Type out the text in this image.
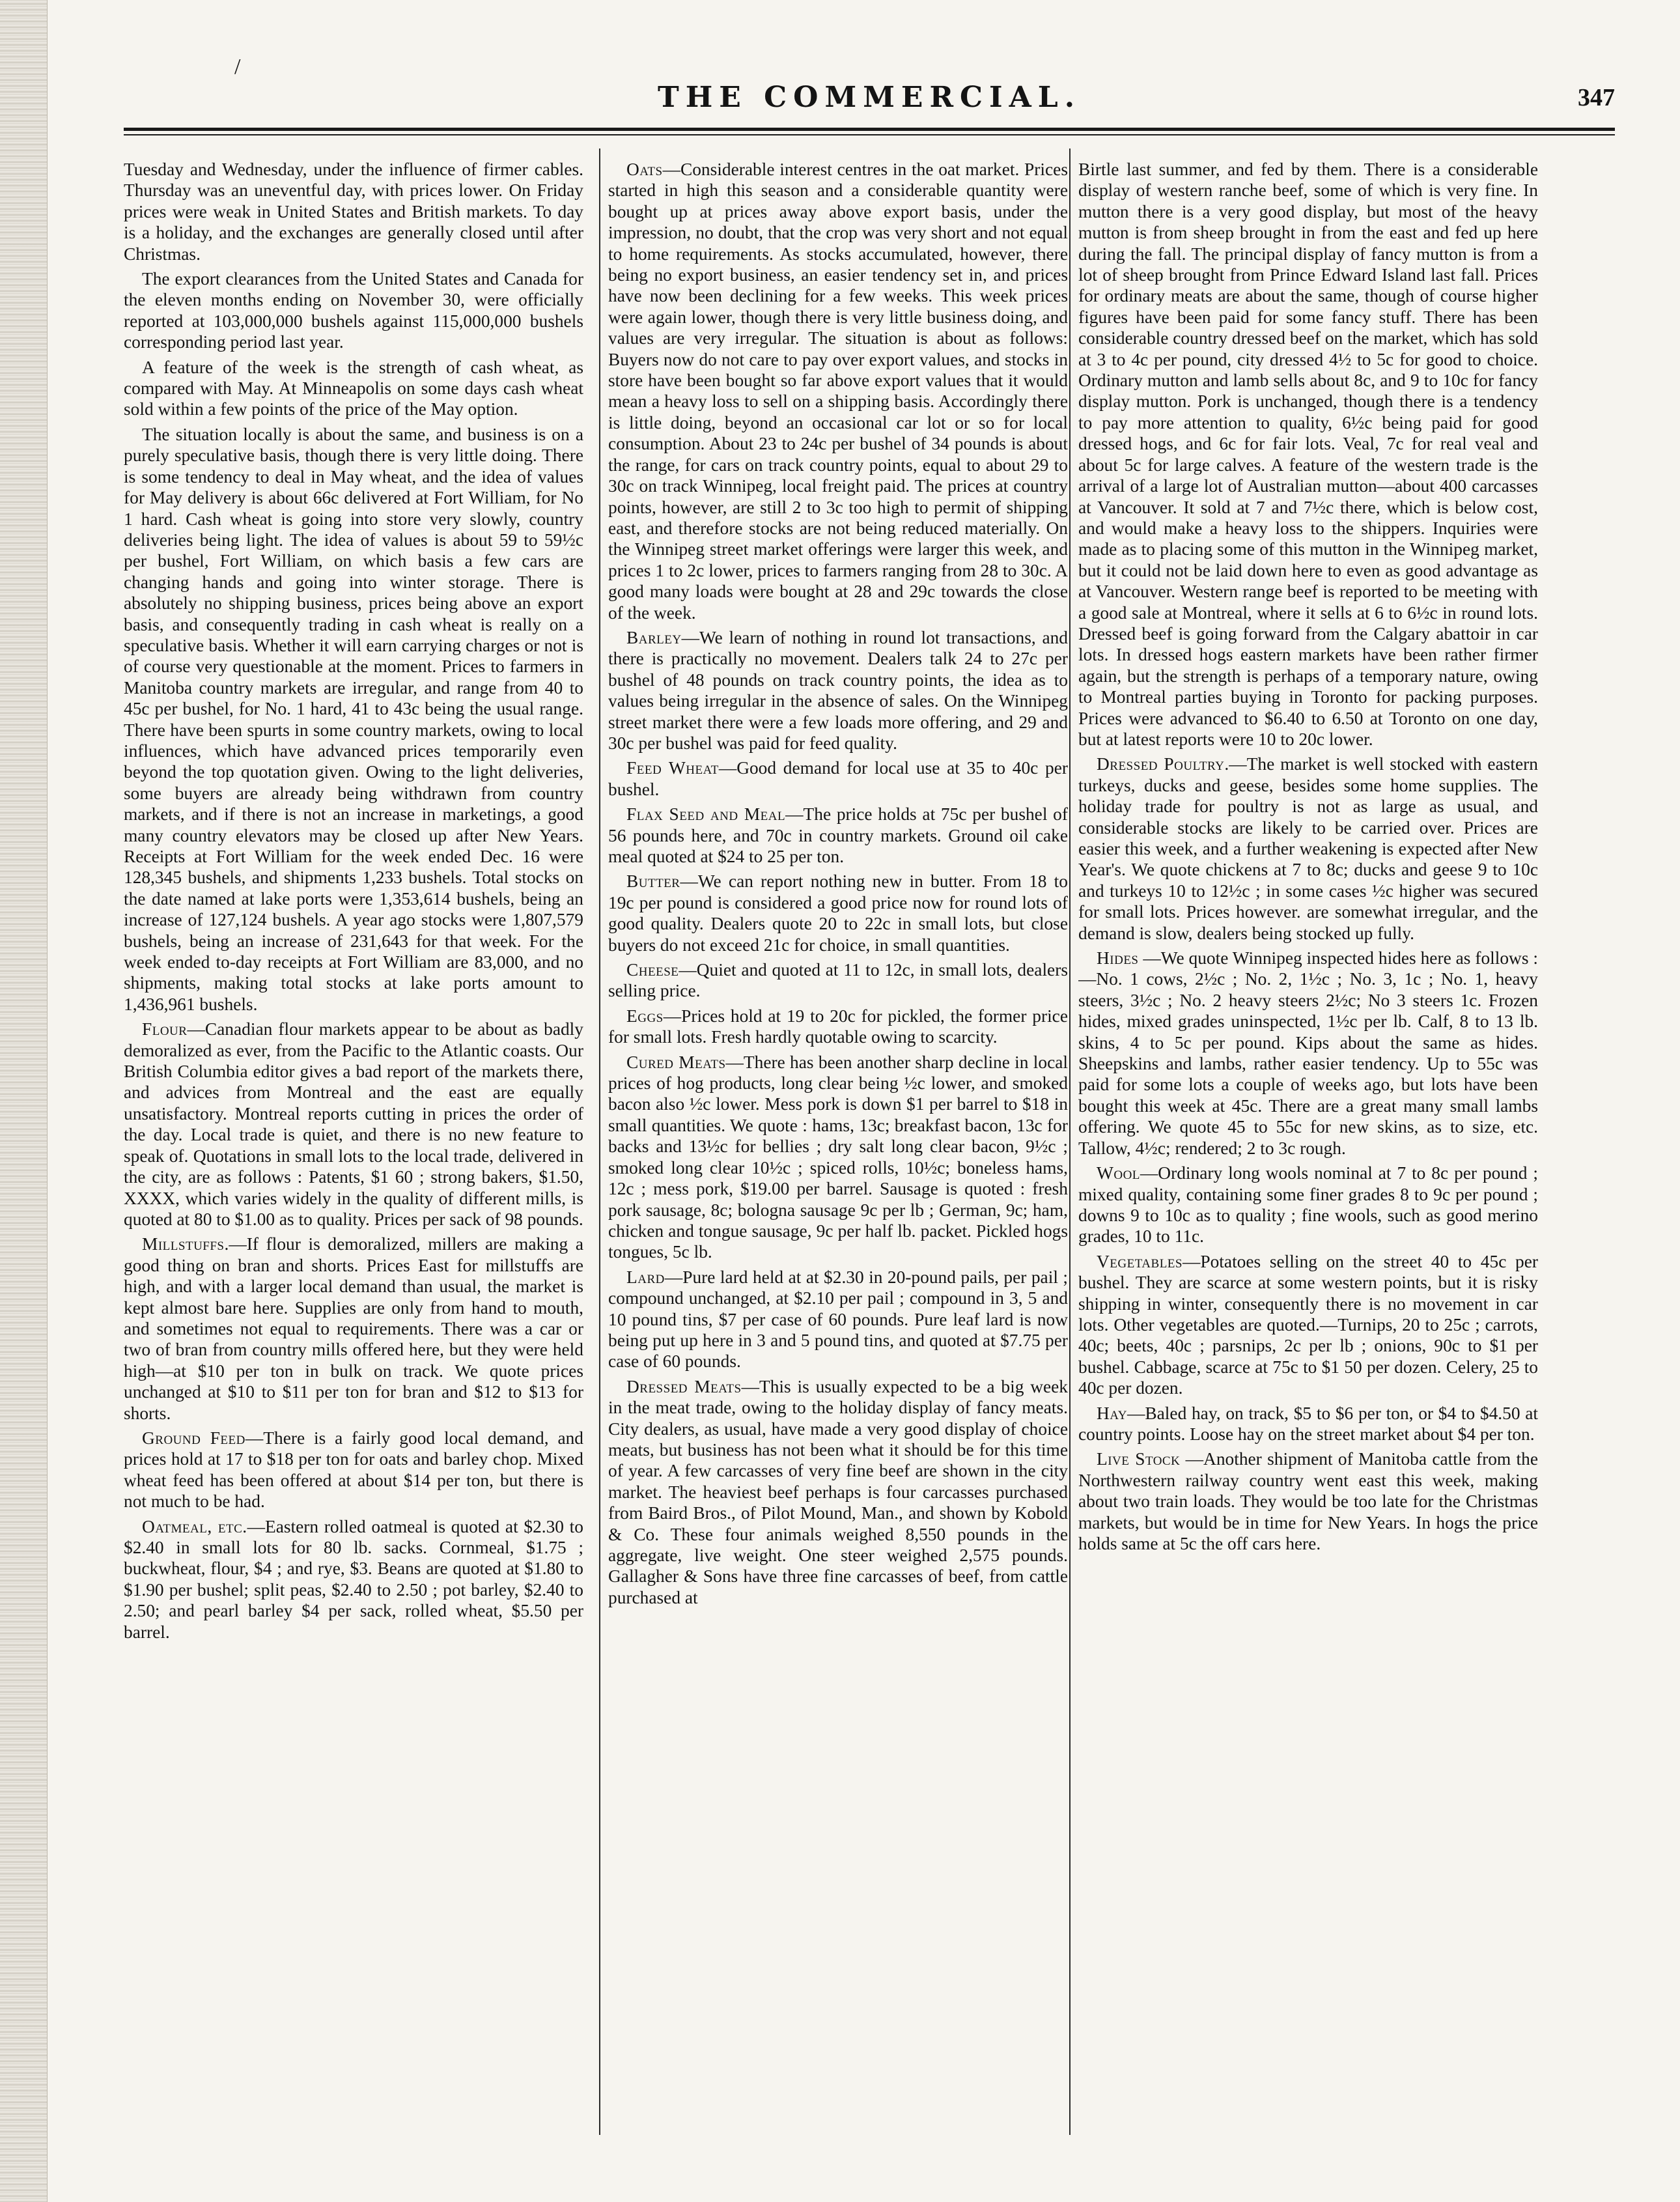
/
THE COMMERCIAL.	347

Tuesday and Wednesday, under the influence of firmer cables. Thursday was an uneventful day, with prices lower. On Friday prices were weak in United States and British markets. To day is a holiday, and the exchanges are generally closed until after Christmas.

The export clearances from the United States and Canada for the eleven months ending on November 30, were officially reported at 103,000,000 bushels against 115,000,000 bushels corresponding period last year.

A feature of the week is the strength of cash wheat, as compared with May. At Minneapolis on some days cash wheat sold within a few points of the price of the May option.

The situation locally is about the same, and business is on a purely speculative basis, though there is very little doing. There is some tendency to deal in May wheat, and the idea of values for May delivery is about 66c delivered at Fort William, for No 1 hard. Cash wheat is going into store very slowly, country deliveries being light. The idea of values is about 59 to 59½c per bushel, Fort William, on which basis a few cars are changing hands and going into winter storage. There is absolutely no shipping business, prices being above an export basis, and consequently trading in cash wheat is really on a speculative basis. Whether it will earn carrying charges or not is of course very questionable at the moment. Prices to farmers in Manitoba country markets are irregular, and range from 40 to 45c per bushel, for No. 1 hard, 41 to 43c being the usual range. There have been spurts in some country markets, owing to local influences, which have advanced prices temporarily even beyond the top quotation given. Owing to the light deliveries, some buyers are already being withdrawn from country markets, and if there is not an increase in marketings, a good many country elevators may be closed up after New Years. Receipts at Fort William for the week ended Dec. 16 were 128,345 bushels, and shipments 1,233 bushels. Total stocks on the date named at lake ports were 1,353,614 bushels, being an increase of 127,124 bushels. A year ago stocks were 1,807,579 bushels, being an increase of 231,643 for that week. For the week ended to-day receipts at Fort William are 83,000, and no shipments, making total stocks at lake ports amount to 1,436,961 bushels.

Flour—Canadian flour markets appear to be about as badly demoralized as ever, from the Pacific to the Atlantic coasts. Our British Columbia editor gives a bad report of the markets there, and advices from Montreal and the east are equally unsatisfactory. Montreal reports cutting in prices the order of the day. Local trade is quiet, and there is no new feature to speak of. Quotations in small lots to the local trade, delivered in the city, are as follows : Patents, $1 60 ; strong bakers, $1.50, XXXX, which varies widely in the quality of different mills, is quoted at 80 to $1.00 as to quality. Prices per sack of 98 pounds.

Millstuffs.—If flour is demoralized, millers are making a good thing on bran and shorts. Prices East for millstuffs are high, and with a larger local demand than usual, the market is kept almost bare here. Supplies are only from hand to mouth, and sometimes not equal to requirements. There was a car or two of bran from country mills offered here, but they were held high—at $10 per ton in bulk on track. We quote prices unchanged at $10 to $11 per ton for bran and $12 to $13 for shorts.

Ground Feed—There is a fairly good local demand, and prices hold at 17 to $18 per ton for oats and barley chop. Mixed wheat feed has been offered at about $14 per ton, but there is not much to be had.

Oatmeal, etc.—Eastern rolled oatmeal is quoted at $2.30 to $2.40 in small lots for 80 lb. sacks. Cornmeal, $1.75 ; buckwheat, flour, $4 ; and rye, $3. Beans are quoted at $1.80 to $1.90 per bushel; split peas, $2.40 to 2.50 ; pot barley, $2.40 to 2.50; and pearl barley $4 per sack, rolled wheat, $5.50 per barrel.

Oats—Considerable interest centres in the oat market. Prices started in high this season and a considerable quantity were bought up at prices away above export basis, under the impression, no doubt, that the crop was very short and not equal to home requirements. As stocks accumulated, however, there being no export business, an easier tendency set in, and prices have now been declining for a few weeks. This week prices were again lower, though there is very little business doing, and values are very irregular. The situation is about as follows: Buyers now do not care to pay over export values, and stocks in store have been bought so far above export values that it would mean a heavy loss to sell on a shipping basis. Accordingly there is little doing, beyond an occasional car lot or so for local consumption. About 23 to 24c per bushel of 34 pounds is about the range, for cars on track country points, equal to about 29 to 30c on track Winnipeg, local freight paid. The prices at country points, however, are still 2 to 3c too high to permit of shipping east, and therefore stocks are not being reduced materially. On the Winnipeg street market offerings were larger this week, and prices 1 to 2c lower, prices to farmers ranging from 28 to 30c. A good many loads were bought at 28 and 29c towards the close of the week.

Barley—We learn of nothing in round lot transactions, and there is practically no movement. Dealers talk 24 to 27c per bushel of 48 pounds on track country points, the idea as to values being irregular in the absence of sales. On the Winnipeg street market there were a few loads more offering, and 29 and 30c per bushel was paid for feed quality.

Feed Wheat—Good demand for local use at 35 to 40c per bushel.

Flax Seed and Meal—The price holds at 75c per bushel of 56 pounds here, and 70c in country markets. Ground oil cake meal quoted at $24 to 25 per ton.

Butter—We can report nothing new in butter. From 18 to 19c per pound is considered a good price now for round lots of good quality. Dealers quote 20 to 22c in small lots, but close buyers do not exceed 21c for choice, in small quantities.

Cheese—Quiet and quoted at 11 to 12c, in small lots, dealers selling price.

Eggs—Prices hold at 19 to 20c for pickled, the former price for small lots. Fresh hardly quotable owing to scarcity.

Cured Meats—There has been another sharp decline in local prices of hog products, long clear being ½c lower, and smoked bacon also ½c lower. Mess pork is down $1 per barrel to $18 in small quantities. We quote : hams, 13c; breakfast bacon, 13c for backs and 13½c for bellies ; dry salt long clear bacon, 9½c ; smoked long clear 10½c ; spiced rolls, 10½c; boneless hams, 12c ; mess pork, $19.00 per barrel. Sausage is quoted : fresh pork sausage, 8c; bologna sausage 9c per lb ; German, 9c; ham, chicken and tongue sausage, 9c per half lb. packet. Pickled hogs tongues, 5c lb.

Lard—Pure lard held at at $2.30 in 20-pound pails, per pail ; compound unchanged, at $2.10 per pail ; compound in 3, 5 and 10 pound tins, $7 per case of 60 pounds. Pure leaf lard is now being put up here in 3 and 5 pound tins, and quoted at $7.75 per case of 60 pounds.

Dressed Meats—This is usually expected to be a big week in the meat trade, owing to the holiday display of fancy meats. City dealers, as usual, have made a very good display of choice meats, but business has not been what it should be for this time of year. A few carcasses of very fine beef are shown in the city market. The heaviest beef perhaps is four carcasses purchased from Baird Bros., of Pilot Mound, Man., and shown by Kobold & Co. These four animals weighed 8,550 pounds in the aggregate, live weight. One steer weighed 2,575 pounds. Gallagher & Sons have three fine carcasses of beef, from cattle purchased at

Birtle last summer, and fed by them. There is a considerable display of western ranche beef, some of which is very fine. In mutton there is a very good display, but most of the heavy mutton is from sheep brought in from the east and fed up here during the fall. The principal display of fancy mutton is from a lot of sheep brought from Prince Edward Island last fall. Prices for ordinary meats are about the same, though of course higher figures have been paid for some fancy stuff. There has been considerable country dressed beef on the market, which has sold at 3 to 4c per pound, city dressed 4½ to 5c for good to choice. Ordinary mutton and lamb sells about 8c, and 9 to 10c for fancy display mutton. Pork is unchanged, though there is a tendency to pay more attention to quality, 6½c being paid for good dressed hogs, and 6c for fair lots. Veal, 7c for real veal and about 5c for large calves. A feature of the western trade is the arrival of a large lot of Australian mutton—about 400 carcasses at Vancouver. It sold at 7 and 7½c there, which is below cost, and would make a heavy loss to the shippers. Inquiries were made as to placing some of this mutton in the Winnipeg market, but it could not be laid down here to even as good advantage as at Vancouver. Western range beef is reported to be meeting with a good sale at Montreal, where it sells at 6 to 6½c in round lots. Dressed beef is going forward from the Calgary abattoir in car lots. In dressed hogs eastern markets have been rather firmer again, but the strength is perhaps of a temporary nature, owing to Montreal parties buying in Toronto for packing purposes. Prices were advanced to $6.40 to 6.50 at Toronto on one day, but at latest reports were 10 to 20c lower.

Dressed Poultry.—The market is well stocked with eastern turkeys, ducks and geese, besides some home supplies. The holiday trade for poultry is not as large as usual, and considerable stocks are likely to be carried over. Prices are easier this week, and a further weakening is expected after New Year's. We quote chickens at 7 to 8c; ducks and geese 9 to 10c and turkeys 10 to 12½c ; in some cases ½c higher was secured for small lots. Prices however. are somewhat irregular, and the demand is slow, dealers being stocked up fully.

Hides —We quote Winnipeg inspected hides here as follows :—No. 1 cows, 2½c ; No. 2, 1½c ; No. 3, 1c ; No. 1, heavy steers, 3½c ; No. 2 heavy steers 2½c; No 3 steers 1c. Frozen hides, mixed grades uninspected, 1½c per lb. Calf, 8 to 13 lb. skins, 4 to 5c per pound. Kips about the same as hides. Sheepskins and lambs, rather easier tendency. Up to 55c was paid for some lots a couple of weeks ago, but lots have been bought this week at 45c. There are a great many small lambs offering. We quote 45 to 55c for new skins, as to size, etc. Tallow, 4½c; rendered; 2 to 3c rough.

Wool—Ordinary long wools nominal at 7 to 8c per pound ; mixed quality, containing some finer grades 8 to 9c per pound ; downs 9 to 10c as to quality ; fine wools, such as good merino grades, 10 to 11c.

Vegetables—Potatoes selling on the street 40 to 45c per bushel. They are scarce at some western points, but it is risky shipping in winter, consequently there is no movement in car lots. Other vegetables are quoted.—Turnips, 20 to 25c ; carrots, 40c; beets, 40c ; parsnips, 2c per lb ; onions, 90c to $1 per bushel. Cabbage, scarce at 75c to $1 50 per dozen. Celery, 25 to 40c per dozen.

Hay—Baled hay, on track, $5 to $6 per ton, or $4 to $4.50 at country points. Loose hay on the street market about $4 per ton.

Live Stock —Another shipment of Manitoba cattle from the Northwestern railway country went east this week, making about two train loads. They would be too late for the Christmas markets, but would be in time for New Years. In hogs the price holds same at 5c the off cars here.
